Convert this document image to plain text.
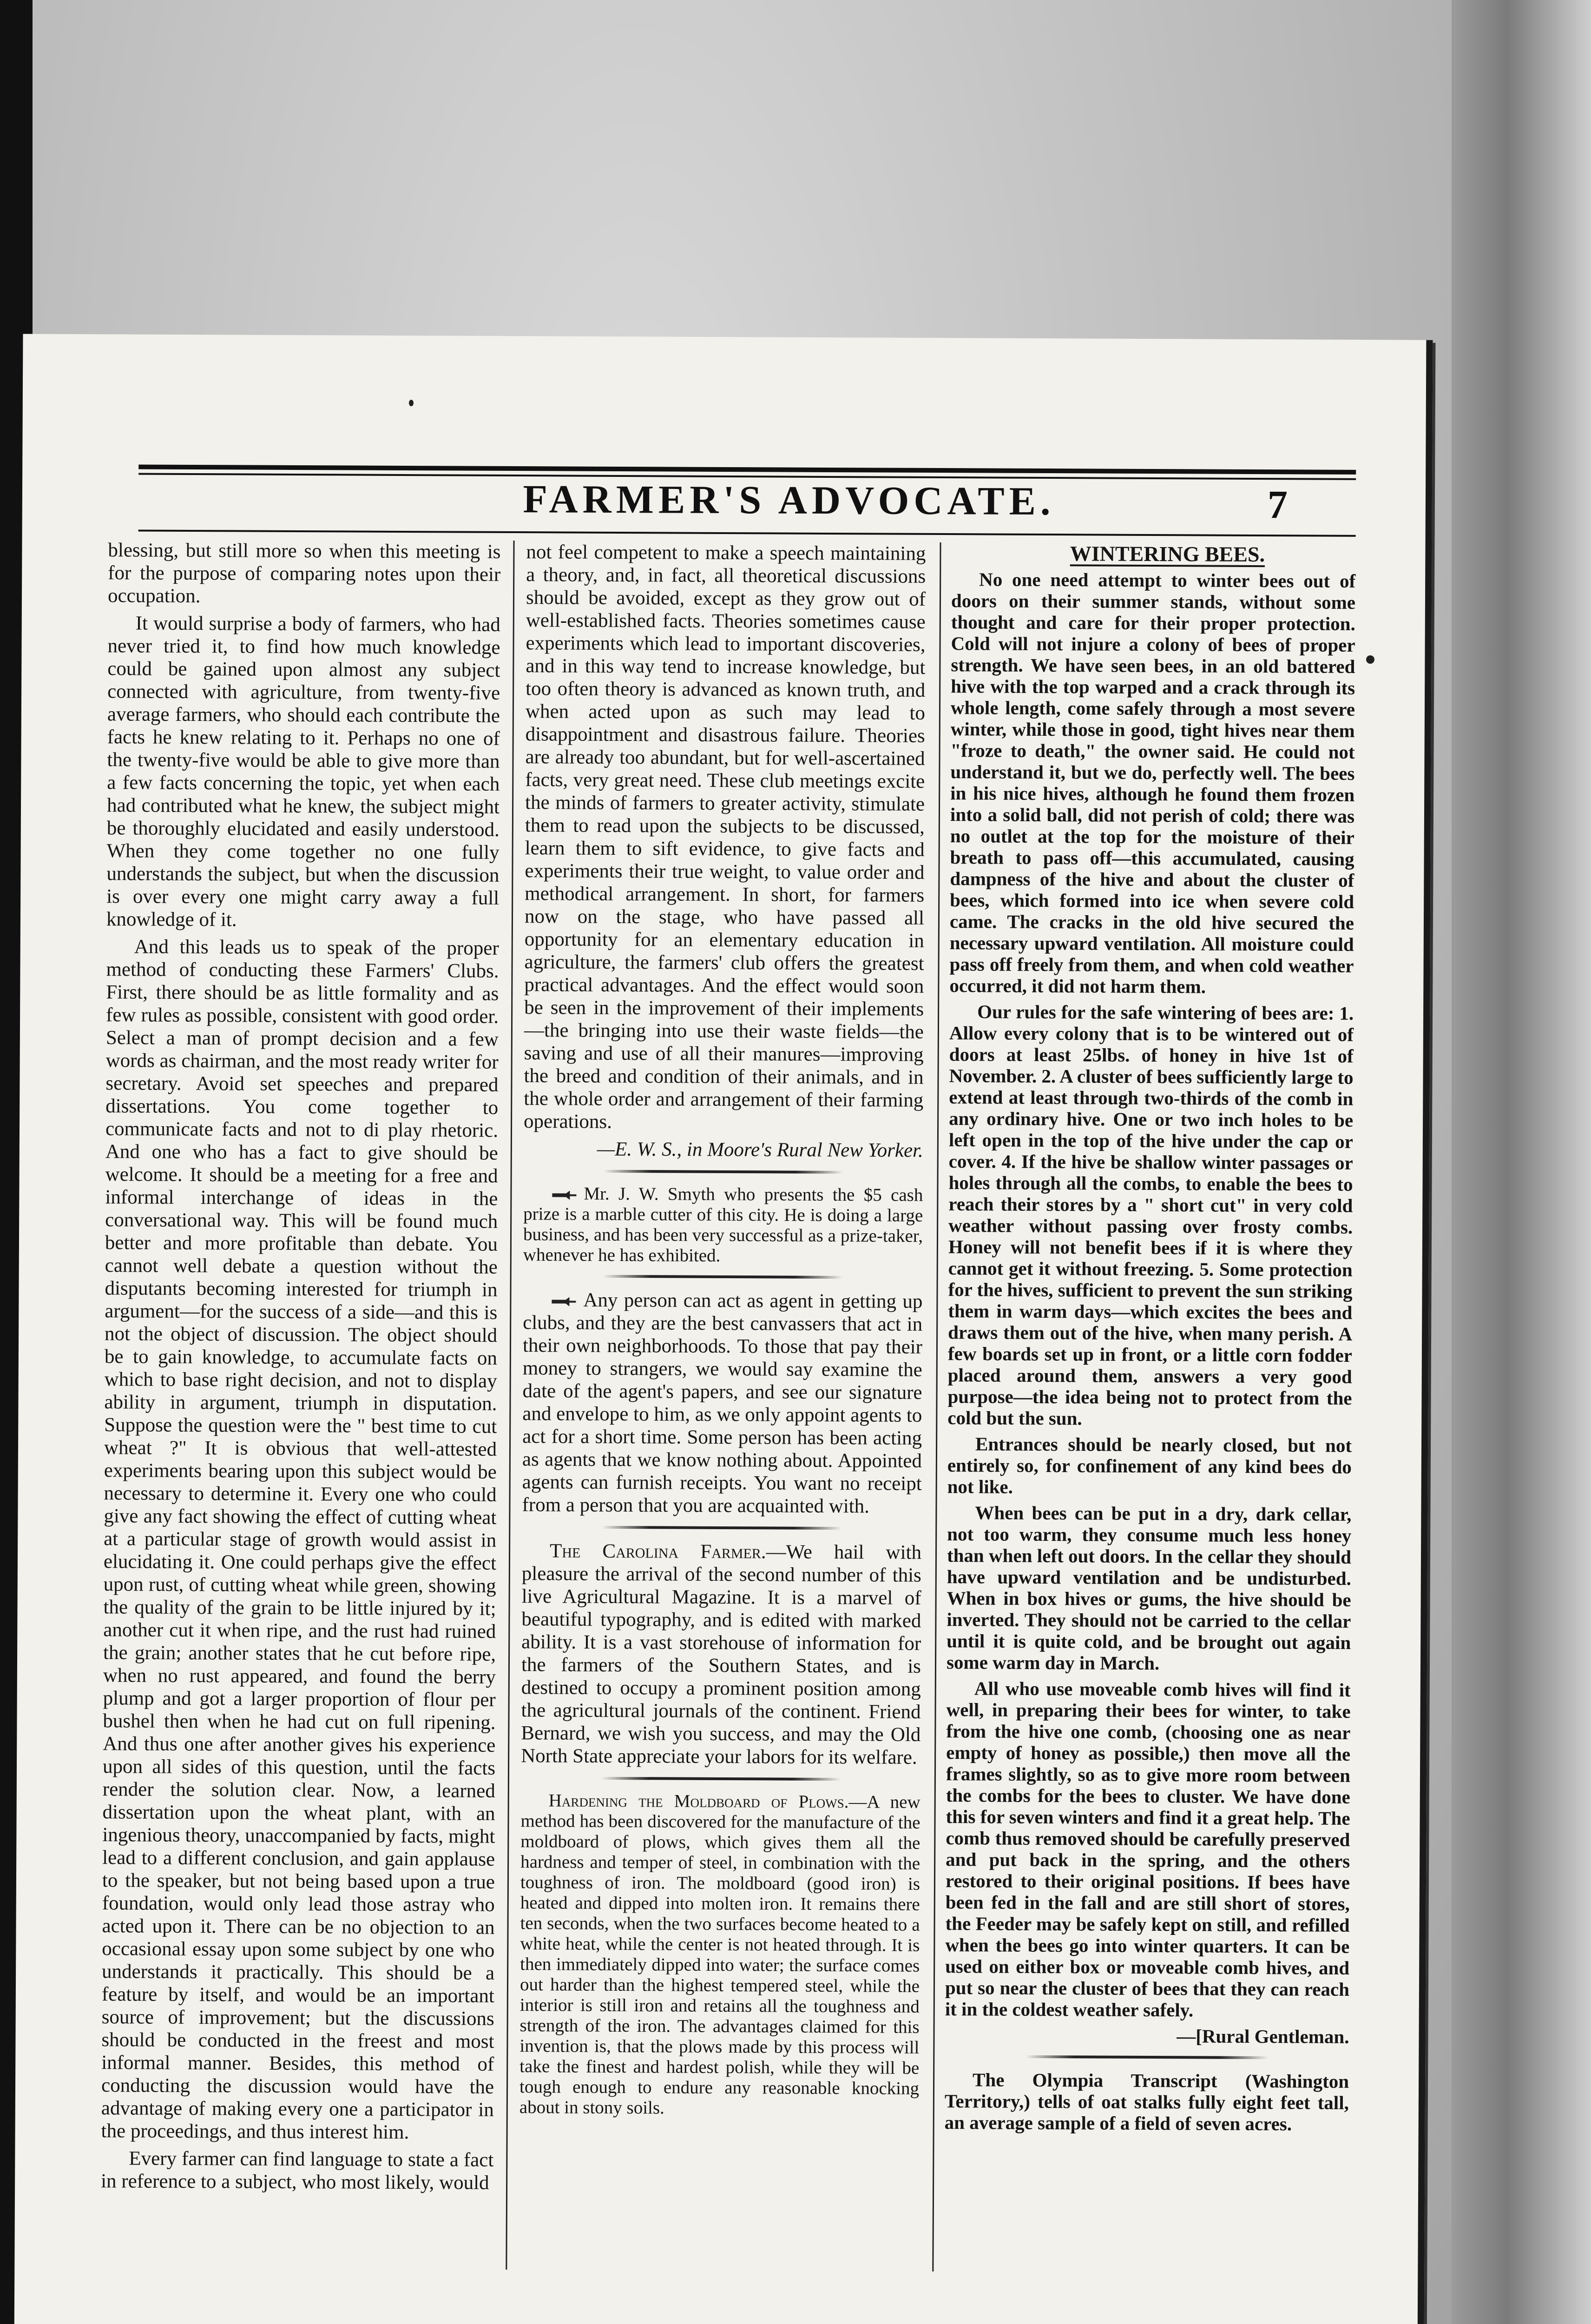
FARMER'S ADVOCATE.	7

blessing, but still more so when this meeting is for the purpose of comparing notes upon their occupation.

It would surprise a body of farmers, who had never tried it, to find how much knowledge could be gained upon almost any subject connected with agriculture, from twenty-five average farmers, who should each contribute the facts he knew relating to it. Perhaps no one of the twenty-five would be able to give more than a few facts concerning the topic, yet when each had contributed what he knew, the subject might be thoroughly elucidated and easily understood. When they come together no one fully understands the subject, but when the discussion is over every one might carry away a full knowledge of it.

And this leads us to speak of the proper method of conducting these Farmers' Clubs. First, there should be as little formality and as few rules as possible, consistent with good order. Select a man of prompt decision and a few words as chairman, and the most ready writer for secretary. Avoid set speeches and prepared dissertations. You come together to communicate facts and not to di play rhetoric. And one who has a fact to give should be welcome. It should be a meeting for a free and informal interchange of ideas in the conversational way. This will be found much better and more profitable than debate. You cannot well debate a question without the disputants becoming interested for triumph in argument—for the success of a side—and this is not the object of discussion. The object should be to gain knowledge, to accumulate facts on which to base right decision, and not to display ability in argument, triumph in disputation. Suppose the question were the " best time to cut wheat ?" It is obvious that well-attested experiments bearing upon this subject would be necessary to determine it. Every one who could give any fact showing the effect of cutting wheat at a particular stage of growth would assist in elucidating it. One could perhaps give the effect upon rust, of cutting wheat while green, showing the quality of the grain to be little injured by it; another cut it when ripe, and the rust had ruined the grain; another states that he cut before ripe, when no rust appeared, and found the berry plump and got a larger proportion of flour per bushel then when he had cut on full ripening. And thus one after another gives his experience upon all sides of this question, until the facts render the solution clear. Now, a learned dissertation upon the wheat plant, with an ingenious theory, unaccompanied by facts, might lead to a different conclusion, and gain applause to the speaker, but not being based upon a true foundation, would only lead those astray who acted upon it. There can be no objection to an occasional essay upon some subject by one who understands it practically. This should be a feature by itself, and would be an important source of improvement; but the discussions should be conducted in the freest and most informal manner. Besides, this method of conducting the discussion would have the advantage of making every one a participator in the proceedings, and thus interest him.

Every farmer can find language to state a fact in reference to a subject, who most likely, would

not feel competent to make a speech maintaining a theory, and, in fact, all theoretical discussions should be avoided, except as they grow out of well-established facts. Theories sometimes cause experiments which lead to important discoveries, and in this way tend to increase knowledge, but too often theory is advanced as known truth, and when acted upon as such may lead to disappointment and disastrous failure. Theories are already too abundant, but for well-ascertained facts, very great need. These club meetings excite the minds of farmers to greater activity, stimulate them to read upon the subjects to be discussed, learn them to sift evidence, to give facts and experiments their true weight, to value order and methodical arrangement. In short, for farmers now on the stage, who have passed all opportunity for an elementary education in agriculture, the farmers' club offers the greatest practical advantages. And the effect would soon be seen in the improvement of their implements—the bringing into use their waste fields—the saving and use of all their manures—improving the breed and condition of their animals, and in the whole order and arrangement of their farming operations.

—E. W. S., in Moore's Rural New Yorker.

Mr. J. W. Smyth who presents the $5 cash prize is a marble cutter of this city. He is doing a large business, and has been very successful as a prize-taker, whenever he has exhibited.

Any person can act as agent in getting up clubs, and they are the best canvassers that act in their own neighborhoods. To those that pay their money to strangers, we would say examine the date of the agent's papers, and see our signature and envelope to him, as we only appoint agents to act for a short time. Some person has been acting as agents that we know nothing about. Appointed agents can furnish receipts. You want no receipt from a person that you are acquainted with.

The Carolina Farmer.—We hail with pleasure the arrival of the second number of this live Agricultural Magazine. It is a marvel of beautiful typography, and is edited with marked ability. It is a vast storehouse of information for the farmers of the Southern States, and is destined to occupy a prominent position among the agricultural journals of the continent. Friend Bernard, we wish you success, and may the Old North State appreciate your labors for its welfare.

Hardening the Moldboard of Plows.—A new method has been discovered for the manufacture of the moldboard of plows, which gives them all the hardness and temper of steel, in combination with the toughness of iron. The moldboard (good iron) is heated and dipped into molten iron. It remains there ten seconds, when the two surfaces become heated to a white heat, while the center is not heated through. It is then immediately dipped into water; the surface comes out harder than the highest tempered steel, while the interior is still iron and retains all the toughness and strength of the iron. The advantages claimed for this invention is, that the plows made by this process will take the finest and hardest polish, while they will be tough enough to endure any reasonable knocking about in stony soils.

WINTERING BEES.

No one need attempt to winter bees out of doors on their summer stands, without some thought and care for their proper protection. Cold will not injure a colony of bees of proper strength. We have seen bees, in an old battered hive with the top warped and a crack through its whole length, come safely through a most severe winter, while those in good, tight hives near them "froze to death," the owner said. He could not understand it, but we do, perfectly well. The bees in his nice hives, although he found them frozen into a solid ball, did not perish of cold; there was no outlet at the top for the moisture of their breath to pass off—this accumulated, causing dampness of the hive and about the cluster of bees, which formed into ice when severe cold came. The cracks in the old hive secured the necessary upward ventilation. All moisture could pass off freely from them, and when cold weather occurred, it did not harm them.

Our rules for the safe wintering of bees are: 1. Allow every colony that is to be wintered out of doors at least 25lbs. of honey in hive 1st of November. 2. A cluster of bees sufficiently large to extend at least through two-thirds of the comb in any ordinary hive. One or two inch holes to be left open in the top of the hive under the cap or cover. 4. If the hive be shallow winter passages or holes through all the combs, to enable the bees to reach their stores by a " short cut" in very cold weather without passing over frosty combs. Honey will not benefit bees if it is where they cannot get it without freezing. 5. Some protection for the hives, sufficient to prevent the sun striking them in warm days—which excites the bees and draws them out of the hive, when many perish. A few boards set up in front, or a little corn fodder placed around them, answers a very good purpose—the idea being not to protect from the cold but the sun.

Entrances should be nearly closed, but not entirely so, for confinement of any kind bees do not like.

When bees can be put in a dry, dark cellar, not too warm, they consume much less honey than when left out doors. In the cellar they should have upward ventilation and be undisturbed. When in box hives or gums, the hive should be inverted. They should not be carried to the cellar until it is quite cold, and be brought out again some warm day in March.

All who use moveable comb hives will find it well, in preparing their bees for winter, to take from the hive one comb, (choosing one as near empty of honey as possible,) then move all the frames slightly, so as to give more room between the combs for the bees to cluster. We have done this for seven winters and find it a great help. The comb thus removed should be carefully preserved and put back in the spring, and the others restored to their original positions. If bees have been fed in the fall and are still short of stores, the Feeder may be safely kept on still, and refilled when the bees go into winter quarters. It can be used on either box or moveable comb hives, and put so near the cluster of bees that they can reach it in the coldest weather safely.

—[Rural Gentleman.

The Olympia Transcript (Washington Territory,) tells of oat stalks fully eight feet tall, an average sample of a field of seven acres.
